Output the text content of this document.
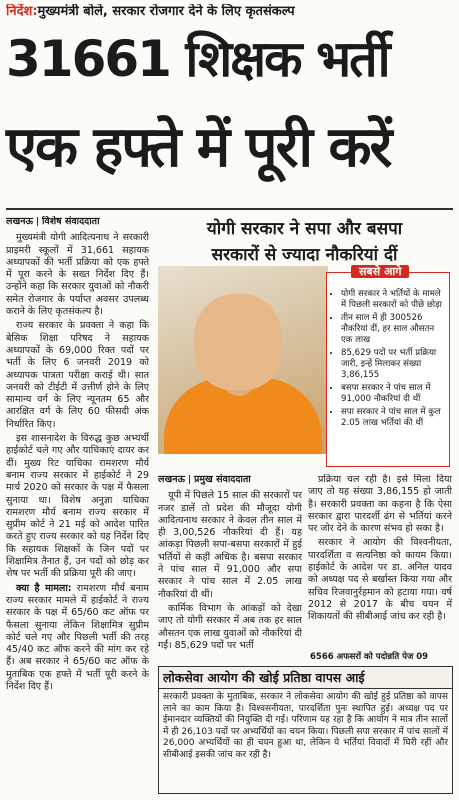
निर्देश:मुख्यमंत्री बोले, सरकार रोजगार देने के लिए कृतसंकल्प
31661 शिक्षक भर्ती
एक हफ्ते में पूरी करें
लखनऊ विशेष संवाददाता

मुख्यमंत्री योगी आदित्यनाथ ने सरकारी प्राइमरी स्कूलों में 31,661 सहायक अध्यापकों की भर्ती प्रक्रिया को एक हफ्ते में पूरा करने के सख्त निर्देश दिए हैं। उन्होंने कहा कि सरकार युवाओं को नौकरी समेत रोजगार के पर्याप्त अवसर उपलब्ध कराने के लिए कृतसंकल्प है।

राज्य सरकार के प्रवक्ता ने कहा कि बेसिक शिक्षा परिषद ने सहायक अध्यापकों के 69,000 रिक्त पदों पर भर्ती के लिए 6 जनवरी 2019 को अध्यापक पात्रता परीक्षा कराई थी। सात जनवरी को टीईटी में उत्तीर्ण होने के लिए सामान्य वर्ग के लिए न्यूनतम 65 और आरक्षित वर्ग के लिए 60 फीसदी अंक निर्धारित किए।

इस शासनादेश के विरुद्ध कुछ अभ्यर्थी हाईकोर्ट चले गए और याचिकाएं दायर कर दीं। मुख्य रिट याचिका रामशरण मौर्य बनाम राज्य सरकार में हाईकोर्ट ने 29 मार्च 2020 को सरकार के पक्ष में फैसला सुनाया था। विशेष अनुज्ञा याचिका रामशरण मौर्य बनाम राज्य सरकार में सुप्रीम कोर्ट ने 21 मई को आदेश पारित करते हुए राज्य सरकार को यह निर्देश दिए कि सहायक शिक्षकों के जिन पदों पर शिक्षामित्र तैनात हैं, उन पदों को छोड़ कर शेष पर भर्ती की प्रक्रिया पूरी की जाए।

क्या है मामला: रामशरण मौर्य बनाम राज्य सरकार मामले में हाईकोर्ट ने राज्य सरकार के पक्ष में 65/60 कट ऑफ पर फैसला सुनाया लेकिन शिक्षामित्र सुप्रीम कोर्ट चले गए और पिछली भर्ती की तरह 45/40 कट ऑफ करने की मांग कर रहे हैं। अब सरकार ने 65/60 कट ऑफ के मुताबिक एक हफ्ते में भर्ती पूरी करने के निर्देश दिए हैं।

योगी सरकार ने सपा और बसपा
सरकारों से ज्यादा नौकरियां दीं
सबसे आगे
• योगी सरकार ने भर्तियों के मामले में पिछली सरकारों को पीछे छोड़ा
• तीन साल में ही 300526 नौकरियां दीं, हर साल औसतन एक लाख
• 85,629 पदों पर भर्ती प्रक्रिया जारी, इन्हें मिलाकर संख्या 3,86,155
• बसपा सरकार ने पांच साल में 91,000 नौकरियां दी थीं
• सपा सरकार ने पांच साल में कुल 2.05 लाख भर्तियां की थीं
लखनऊ प्रमुख संवाददाता

यूपी में पिछले 15 साल की सरकारों पर नजर डालें तो प्रदेश की मौजूदा योगी आदित्यनाथ सरकार ने केवल तीन साल में ही 3,00,526 नौकरियां दी हैं। यह आंकड़ा पिछली सपा-बसपा सरकारों में हुई भर्तियों से कहीं अधिक है। बसपा सरकार ने पांच साल में 91,000 और सपा सरकार ने पांच साल में 2.05 लाख नौकरियां दी थीं।

कार्मिक विभाग के आंकड़ों को देखा जाए तो योगी सरकार में अब तक हर साल औसतन एक लाख युवाओं को नौकरियां दी गईं। 85,629 पदों पर भर्ती

प्रक्रिया चल रही है। इसे मिला दिया जाए तो यह संख्या 3,86,155 हो जाती है। सरकारी प्रवक्ता का कहना है कि ऐसा सरकार द्वारा पारदर्शी ढंग से भर्तियां करने पर जोर देने के कारण संभव हो सका है।

सरकार ने आयोग की विश्वनीयता, पारदर्शिता व सत्यनिष्ठा को कायम किया। हाईकोर्ट के आदेश पर डा. अनिल यादव को अध्यक्ष पद से बर्खास्त किया गया और सचिव रिजवानुर्रहमान को हटाया गया। वर्ष 2012 से 2017 के बीच चयन में शिकायतों की सीबीआई जांच कर रही है।

6566 अफसरों को पदोन्नति पेज 09
लोकसेवा आयोग की खोई प्रतिष्ठा वापस आई
सरकारी प्रवक्ता के मुताबिक, सरकार ने लोकसेवा आयोग की खोई हुई प्रतिष्ठा को वापस लाने का काम किया है। विश्वसनीयता, पारदर्शिता पुनः स्थापित हुई। अध्यक्ष पद पर ईमानदार व्यक्तियों की नियुक्ति दी गई। परिणाम यह रहा है कि आयोग ने मात्र तीन सालों में ही 26,103 पदों पर अभ्यर्थियों का चयन किया। पिछली सपा सरकार में पांच सालों में 26,000 अभ्यर्थियों का ही चयन हुआ था, लेकिन ये भर्तियां विवादों में घिरी रहीं और सीबीआई इसकी जांच कर रही है।
